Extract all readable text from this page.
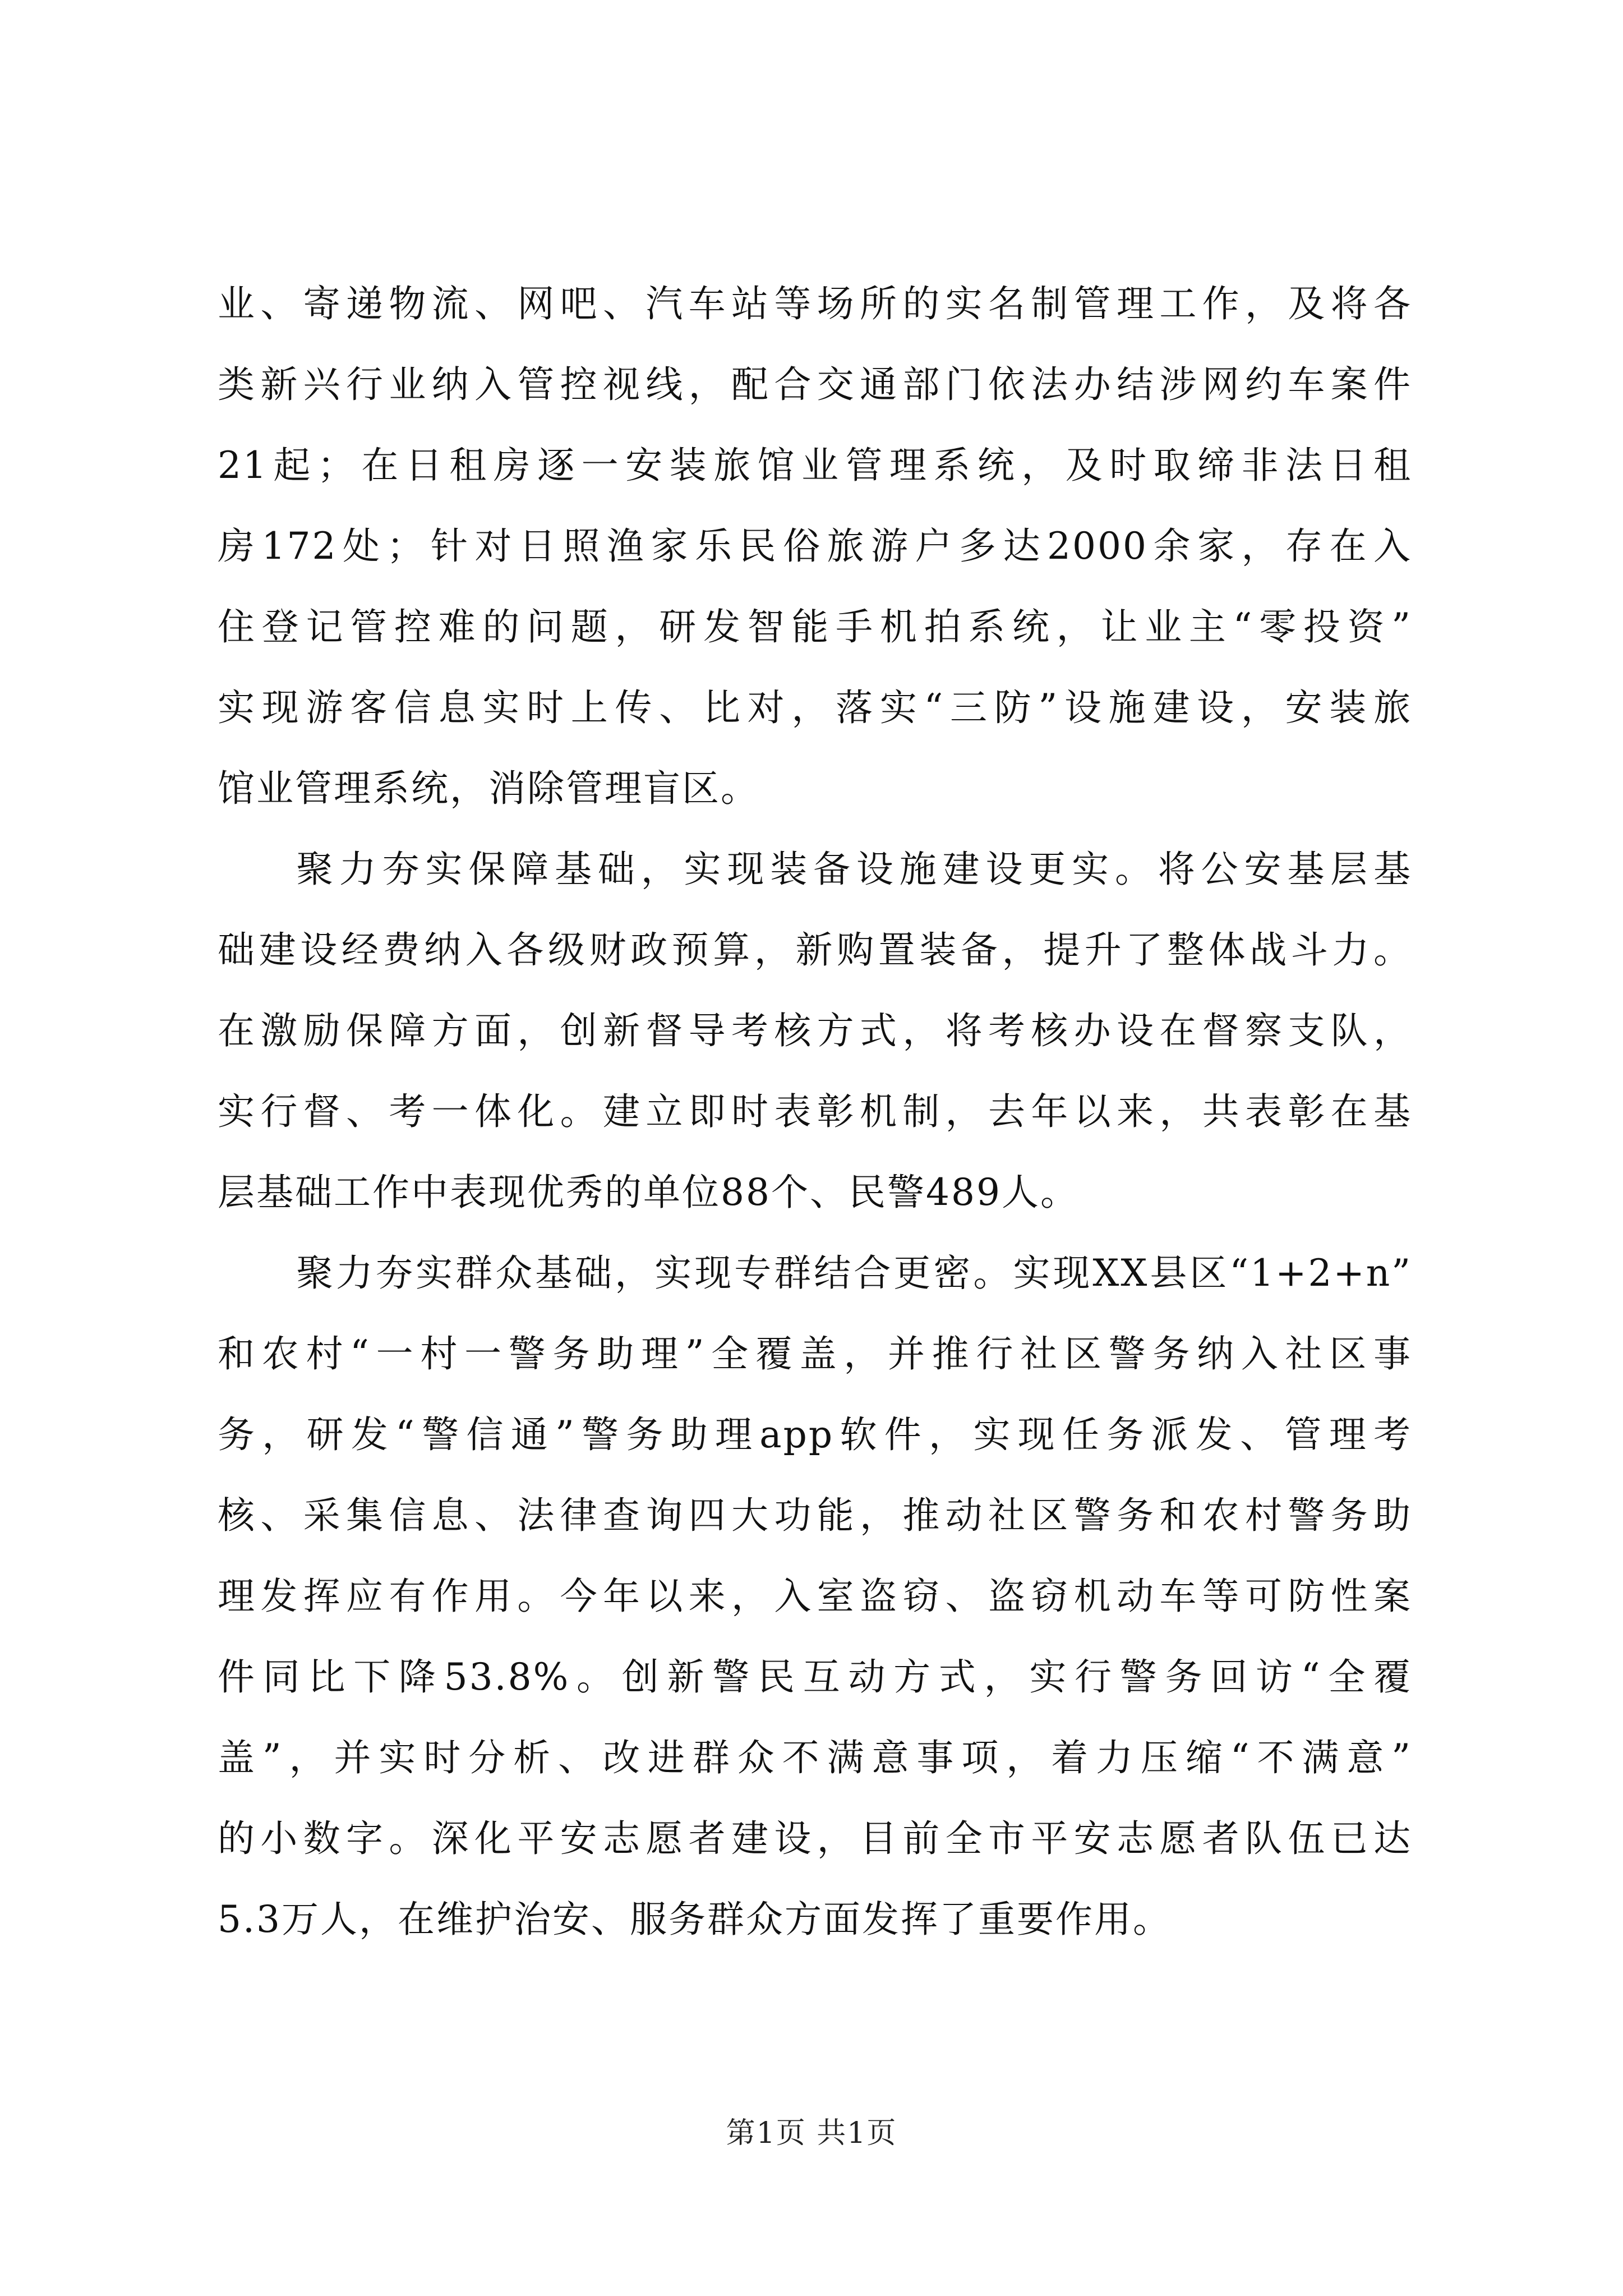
业、寄递物流、网吧、汽车站等场所的实名制管理工作，及将各
类新兴行业纳入管控视线，配合交通部门依法办结涉网约车案件
21起；在日租房逐一安装旅馆业管理系统，及时取缔非法日租
房172处；针对日照渔家乐民俗旅游户多达2000余家，存在入
住登记管控难的问题，研发智能手机拍系统，让业主“零投资”
实现游客信息实时上传、比对，落实“三防”设施建设，安装旅
馆业管理系统，消除管理盲区。
聚力夯实保障基础，实现装备设施建设更实。将公安基层基
础建设经费纳入各级财政预算，新购置装备，提升了整体战斗力。
在激励保障方面，创新督导考核方式，将考核办设在督察支队，
实行督、考一体化。建立即时表彰机制，去年以来，共表彰在基
层基础工作中表现优秀的单位88个、民警489人。
聚力夯实群众基础，实现专群结合更密。实现XX县区“1+2+n”
和农村“一村一警务助理”全覆盖，并推行社区警务纳入社区事
务，研发“警信通”警务助理app软件，实现任务派发、管理考
核、采集信息、法律查询四大功能，推动社区警务和农村警务助
理发挥应有作用。今年以来，入室盗窃、盗窃机动车等可防性案
件同比下降53.8%。创新警民互动方式，实行警务回访“全覆
盖”，并实时分析、改进群众不满意事项，着力压缩“不满意”
的小数字。深化平安志愿者建设，目前全市平安志愿者队伍已达
5.3万人，在维护治安、服务群众方面发挥了重要作用。
第1页 共1页
